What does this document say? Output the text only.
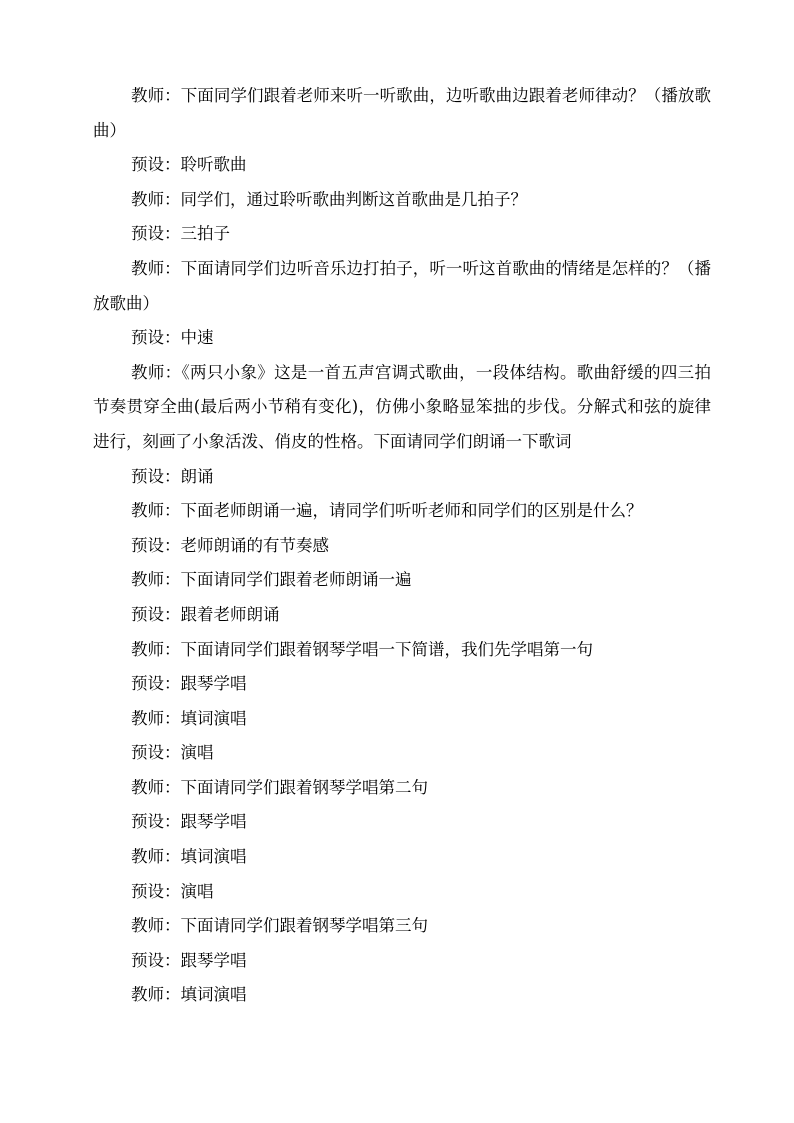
教师：下面同学们跟着老师来听一听歌曲，边听歌曲边跟着老师律动？（播放歌曲）

预设：聆听歌曲

教师：同学们，通过聆听歌曲判断这首歌曲是几拍子？

预设：三拍子

教师：下面请同学们边听音乐边打拍子，听一听这首歌曲的情绪是怎样的？（播放歌曲）

预设：中速

教师：《两只小象》这是一首五声宫调式歌曲，一段体结构。歌曲舒缓的四三拍节奏贯穿全曲(最后两小节稍有变化)，仿佛小象略显笨拙的步伐。分解式和弦的旋律进行，刻画了小象活泼、俏皮的性格。下面请同学们朗诵一下歌词

预设：朗诵

教师：下面老师朗诵一遍，请同学们听听老师和同学们的区别是什么？

预设：老师朗诵的有节奏感

教师：下面请同学们跟着老师朗诵一遍

预设：跟着老师朗诵

教师：下面请同学们跟着钢琴学唱一下简谱，我们先学唱第一句

预设：跟琴学唱

教师：填词演唱

预设：演唱

教师：下面请同学们跟着钢琴学唱第二句

预设：跟琴学唱

教师：填词演唱

预设：演唱

教师：下面请同学们跟着钢琴学唱第三句

预设：跟琴学唱

教师：填词演唱
